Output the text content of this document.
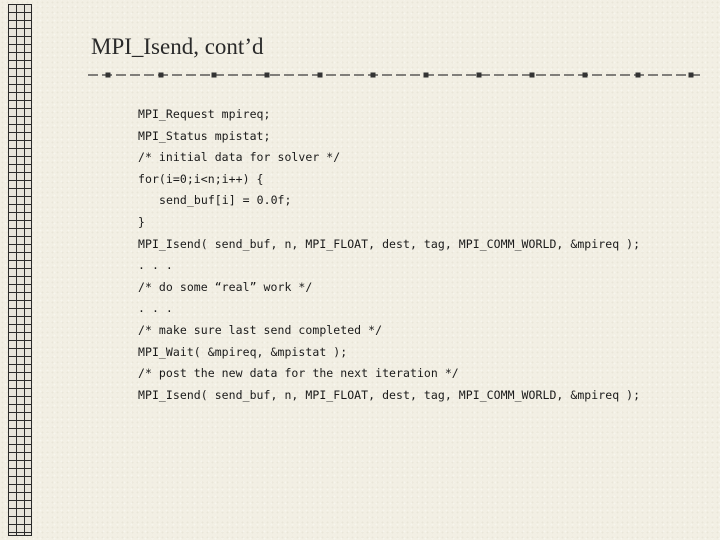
MPI_Isend, cont’d
MPI_Request mpireq;
MPI_Status mpistat;
/* initial data for solver */
for(i=0;i<n;i++) {
send_buf[i] = 0.0f;
}
MPI_Isend( send_buf, n, MPI_FLOAT, dest, tag, MPI_COMM_WORLD, &mpireq );
. . .
/* do some “real” work */
. . .
/* make sure last send completed */
MPI_Wait( &mpireq, &mpistat );
/* post the new data for the next iteration */
MPI_Isend( send_buf, n, MPI_FLOAT, dest, tag, MPI_COMM_WORLD, &mpireq );
